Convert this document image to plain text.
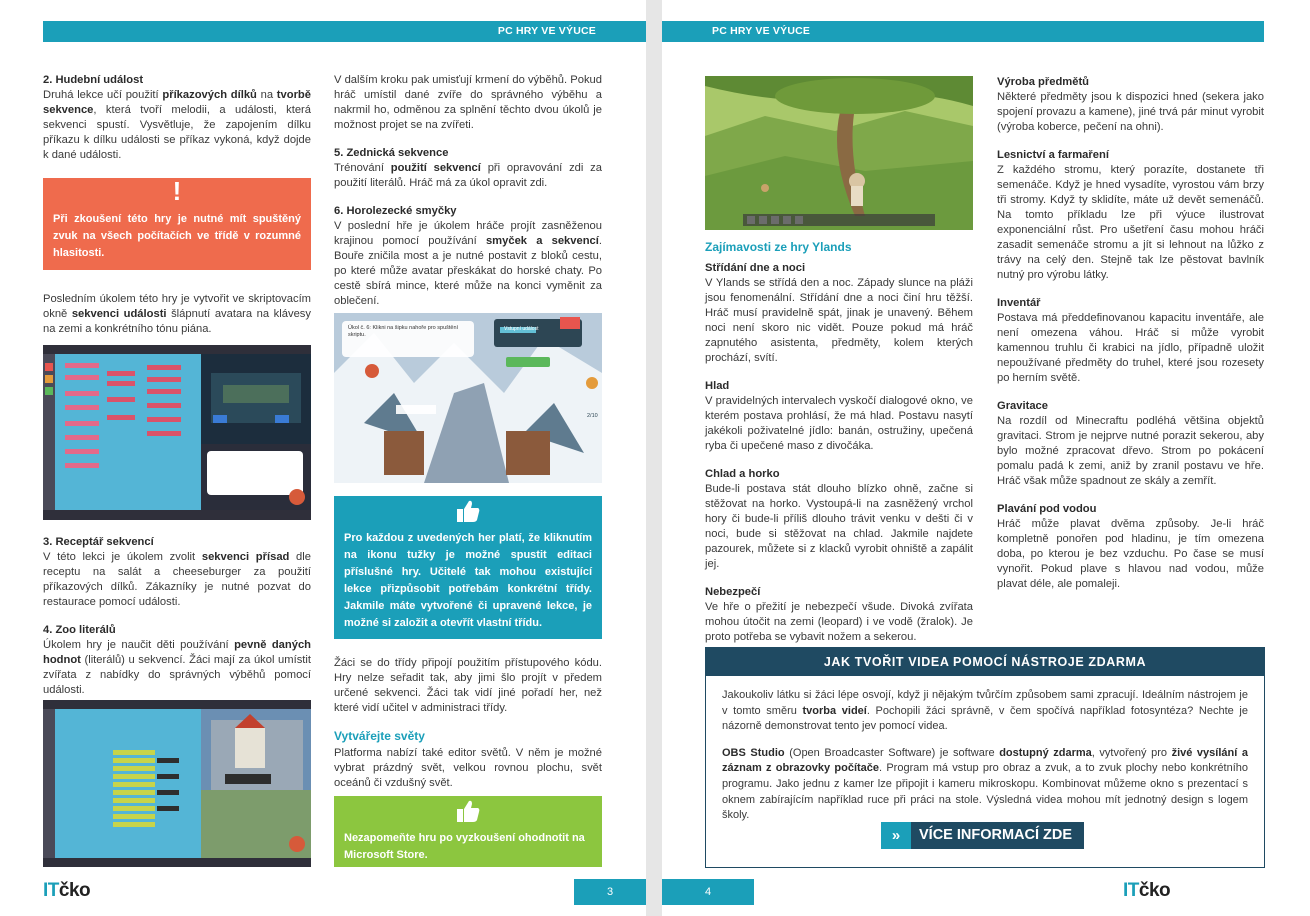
PC HRY VE VÝUCE

2. Hudební událost

Druhá lekce učí použití příkazových dílků na tvorbě sekvence, která tvoří melodii, a události, která sekvenci spustí. Vysvětluje, že zapojením dílku příkazu k dílku události se příkaz vykoná, když dojde k dané události.

!
Při zkoušení této hry je nutné mít spuštěný zvuk na všech počítačích ve třídě v rozumné hlasitosti.

Posledním úkolem této hry je vytvořit ve skriptovacím okně sekvenci události šlápnutí avatara na klávesy na zemi a konkrétního tónu piána.

3. Receptář sekvencí

V této lekci je úkolem zvolit sekvenci přísad dle receptu na salát a cheeseburger za použití příkazových dílků. Zákazníky je nutné pozvat do restaurace pomocí události.

4. Zoo literálů

Úkolem hry je naučit děti používání pevně daných hodnot (literálů) u sekvencí. Žáci mají za úkol umístit zvířata z nabídky do správných výběhů pomocí události.

V dalším kroku pak umisťují krmení do výběhů. Pokud hráč umístil dané zvíře do správného výběhu a nakrmil ho, odměnou za splnění těchto dvou úkolů je možnost projet se na zvířeti.

5. Zednická sekvence

Trénování použití sekvencí při opravování zdi za použití literálů. Hráč má za úkol opravit zdi.

6. Horolezecké smyčky

V poslední hře je úkolem hráče projít zasněženou krajinou pomocí používání smyček a sekvencí. Bouře zničila most a je nutné postavit z bloků cestu, po které může avatar přeskákat do horské chaty. Po cestě sbírá mince, které může na konci vyměnit za oblečení.

Úkol č. 6: Klikni na šipku nahoře pro spuštění skriptu.
Vstupní událost
2/10
Pro každou z uvedených her platí, že kliknutím na ikonu tužky je možné spustit editaci příslušné hry. Učitelé tak mohou existující lekce přizpůsobit potřebám konkrétní třídy. Jakmile máte vytvořené či upravené lekce, je možné si založit a otevřít vlastní třídu.

Žáci se do třídy připojí použitím přístupového kódu. Hry nelze seřadit tak, aby jimi šlo projít v předem určené sekvenci. Žáci tak vidí jiné pořadí her, než které vidí učitel v administraci třídy.

Vytvářejte světy

Platforma nabízí také editor světů. V něm je možné vybrat prázdný svět, velkou rovnou plochu, svět oceánů či vzdušný svět.

Nezapomeňte hru po vyzkoušení ohodnotit na Microsoft Store.
ITčko	3
PC HRY VE VÝUCE

Zajímavosti ze hry Ylands

Střídání dne a noci

V Ylands se střídá den a noc. Západy slunce na pláži jsou fenomenální. Střídání dne a noci činí hru těžší. Hráč musí pravidelně spát, jinak je unavený. Během noci není skoro nic vidět. Pouze pokud má hráč zapnutého asistenta, předměty, kolem kterých prochází, svítí.

Hlad

V pravidelných intervalech vyskočí dialogové okno, ve kterém postava prohlásí, že má hlad. Postavu nasytí jakékoli poživatelné jídlo: banán, ostružiny, upečená ryba či upečené maso z divočáka.

Chlad a horko

Bude-li postava stát dlouho blízko ohně, začne si stěžovat na horko. Vystoupá-li na zasněžený vrchol hory či bude-li příliš dlouho trávit venku v dešti či v noci, bude si stěžovat na chlad. Jakmile najdete pazourek, můžete si z klacků vyrobit ohniště a zapálit jej.

Nebezpečí

Ve hře o přežití je nebezpečí všude. Divoká zvířata mohou útočit na zemi (leopard) i ve vodě (žralok). Je proto potřeba se vybavit nožem a sekerou.

Výroba předmětů

Některé předměty jsou k dispozici hned (sekera jako spojení provazu a kamene), jiné trvá pár minut vyrobit (výroba koberce, pečení na ohni).

Lesnictví a farmaření

Z každého stromu, který porazíte, dostanete tři semenáče. Když je hned vysadíte, vyrostou vám brzy tři stromy. Když ty sklidíte, máte už devět semenáčů. Na tomto příkladu lze při výuce ilustrovat exponenciální růst. Pro ušetření času mohou hráči zasadit semenáče stromu a jít si lehnout na lůžko z trávy na celý den. Stejně tak lze pěstovat bavlník nutný pro výrobu látky.

Inventář

Postava má předdefinovanou kapacitu inventáře, ale není omezena váhou. Hráč si může vyrobit kamennou truhlu či krabici na jídlo, případně uložit nepoužívané předměty do truhel, které jsou rozesety po herním světě.

Gravitace

Na rozdíl od Minecraftu podléhá většina objektů gravitaci. Strom je nejprve nutné porazit sekerou, aby bylo možné zpracovat dřevo. Strom po pokácení pomalu padá k zemi, aniž by zranil postavu ve hře. Hráč však může spadnout ze skály a zemřít.

Plavání pod vodou

Hráč může plavat dvěma způsoby. Je-li hráč kompletně ponořen pod hladinu, je tím omezena doba, po kterou je bez vzduchu. Po čase se musí vynořit. Pokud plave s hlavou nad vodou, může plavat déle, ale pomaleji.

JAK TVOŘIT VIDEA POMOCÍ NÁSTROJE ZDARMA

Jakoukoliv látku si žáci lépe osvojí, když ji nějakým tvůrčím způsobem sami zpracují. Ideálním nástrojem je v tomto směru tvorba videí. Pochopili žáci správně, v čem spočívá například fotosyntéza? Nechte je názorně demonstrovat tento jev pomocí videa.

OBS Studio (Open Broadcaster Software) je software dostupný zdarma, vytvořený pro živé vysílání a záznam z obrazovky počítače. Program má vstup pro obraz a zvuk, a to zvuk plochy nebo konkrétního programu. Jako jednu z kamer lze připojit i kameru mikroskopu. Kombinovat můžeme okno s prezentací s oknem zabírajícím například ruce při práci na stole. Výsledná videa mohou mít jednotný design s logem školy.

»	VÍCE INFORMACÍ ZDE
4	ITčko
